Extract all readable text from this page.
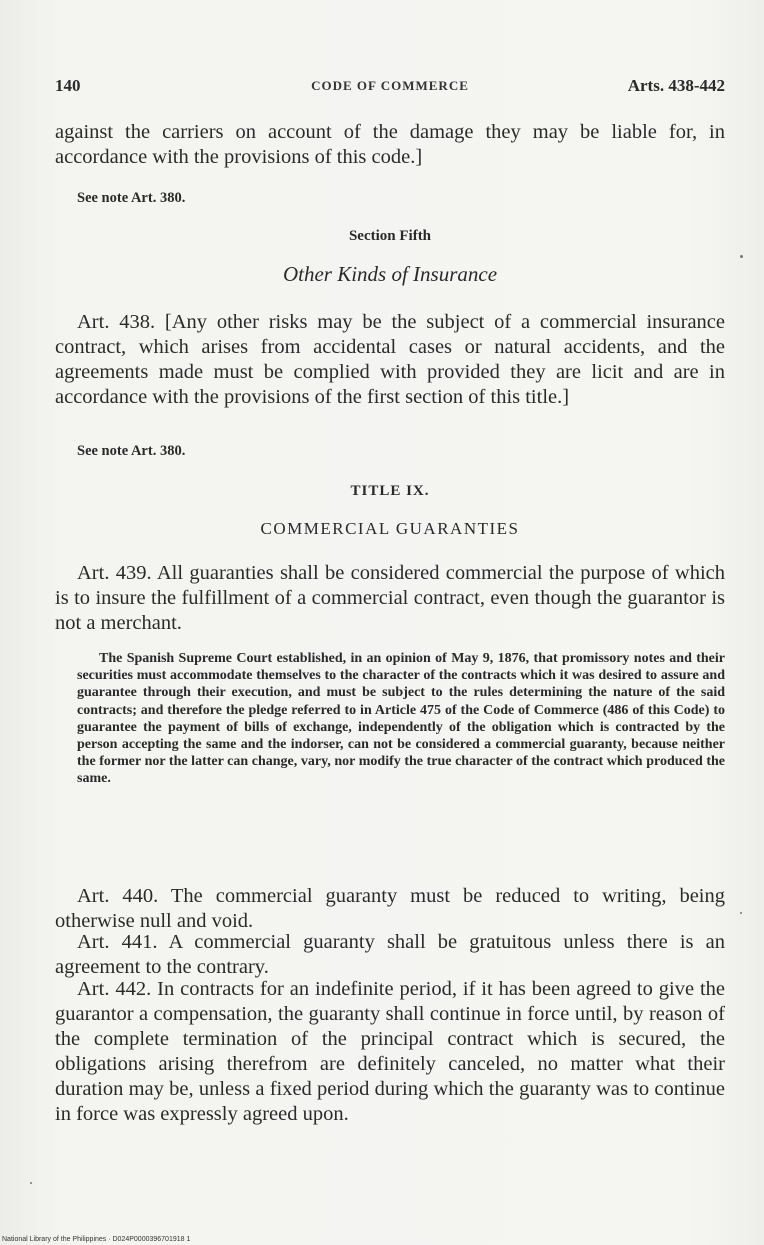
140	CODE OF COMMERCE	Arts. 438-442
against the carriers on account of the damage they may be liable for, in accordance with the provisions of this code.]
See note Art. 380.
Section Fifth
Other Kinds of Insurance
Art. 438. [Any other risks may be the subject of a commercial insurance contract, which arises from accidental cases or natural accidents, and the agreements made must be complied with provided they are licit and are in accordance with the provisions of the first section of this title.]
See note Art. 380.
TITLE IX.
COMMERCIAL GUARANTIES
Art. 439. All guaranties shall be considered commercial the purpose of which is to insure the fulfillment of a commercial contract, even though the guarantor is not a merchant.
The Spanish Supreme Court established, in an opinion of May 9, 1876, that promissory notes and their securities must accommodate themselves to the character of the contracts which it was desired to assure and guarantee through their execution, and must be subject to the rules determining the nature of the said contracts; and therefore the pledge referred to in Article 475 of the Code of Commerce (486 of this Code) to guarantee the payment of bills of exchange, independently of the obligation which is contracted by the person accepting the same and the indorser, can not be considered a commercial guaranty, because neither the former nor the latter can change, vary, nor modify the true character of the contract which produced the same.
Art. 440. The commercial guaranty must be reduced to writing, being otherwise null and void.
Art. 441. A commercial guaranty shall be gratuitous unless there is an agreement to the contrary.
Art. 442. In contracts for an indefinite period, if it has been agreed to give the guarantor a compensation, the guaranty shall continue in force until, by reason of the complete termination of the principal contract which is secured, the obligations arising therefrom are definitely canceled, no matter what their duration may be, unless a fixed period during which the guaranty was to continue in force was expressly agreed upon.
National Library of the Philippines · D024P0000396701918 1
